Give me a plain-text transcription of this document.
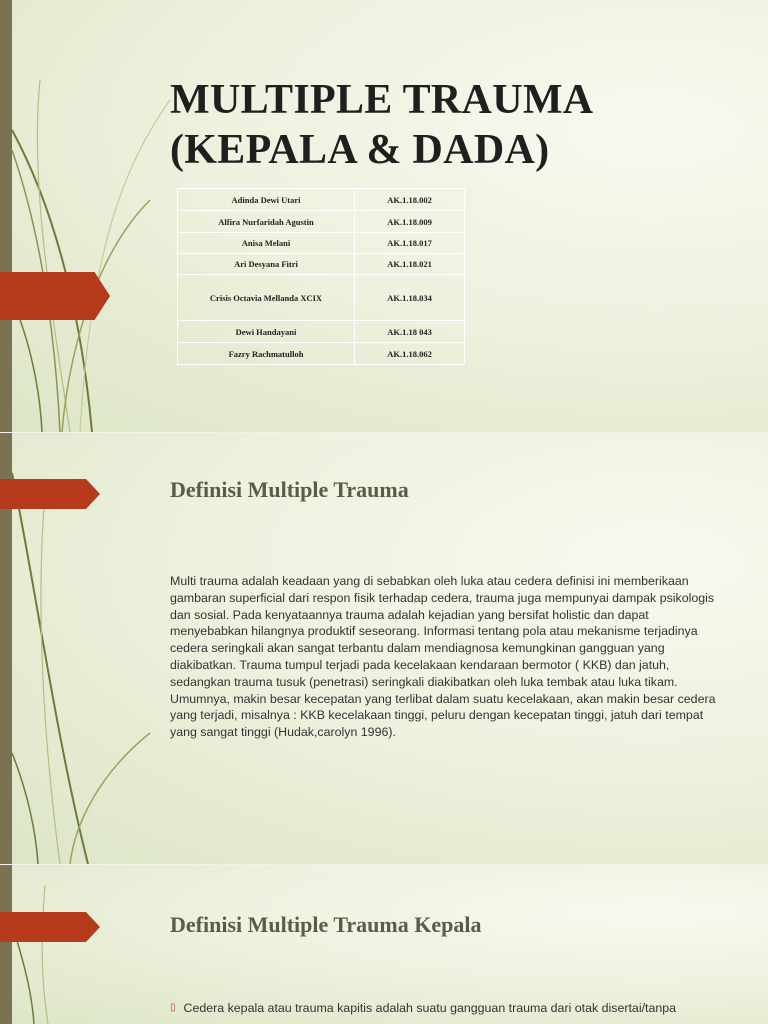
MULTIPLE TRAUMA
(KEPALA & DADA)
Adinda Dewi Utari	AK.1.18.002
Alfira Nurfaridah Agustin	AK.1.18.009
Anisa Melani	AK.1.18.017
Ari Desyana Fitri	AK.1.18.021
Crisis Octavia Mellanda XCIX	AK.1.18.034
Dewi Handayani	AK.1.18 043
Fazry Rachmatulloh	AK.1.18.062
Definisi Multiple Trauma

Multi trauma adalah keadaan yang di sebabkan oleh luka atau cedera definisi ini memberikaan gambaran superficial dari respon fisik terhadap cedera, trauma juga mempunyai dampak psikologis dan sosial. Pada kenyataannya trauma adalah kejadian yang bersifat holistic dan dapat menyebabkan hilangnya produktif seseorang. Informasi tentang pola atau mekanisme terjadinya cedera seringkali akan sangat terbantu dalam mendiagnosa kemungkinan gangguan yang diakibatkan. Trauma tumpul terjadi pada kecelakaan kendaraan bermotor ( KKB) dan jatuh, sedangkan trauma tusuk (penetrasi) seringkali diakibatkan oleh luka tembak atau luka tikam. Umumnya, makin besar kecepatan yang terlibat dalam suatu kecelakaan, akan makin besar cedera yang terjadi, misalnya : KKB kecelakaan tinggi, peluru dengan kecepatan tinggi, jatuh dari tempat yang sangat tinggi (Hudak,carolyn 1996).

Definisi Multiple Trauma Kepala

▯ Cedera kepala atau trauma kapitis adalah suatu gangguan trauma dari otak disertai/tanpa
